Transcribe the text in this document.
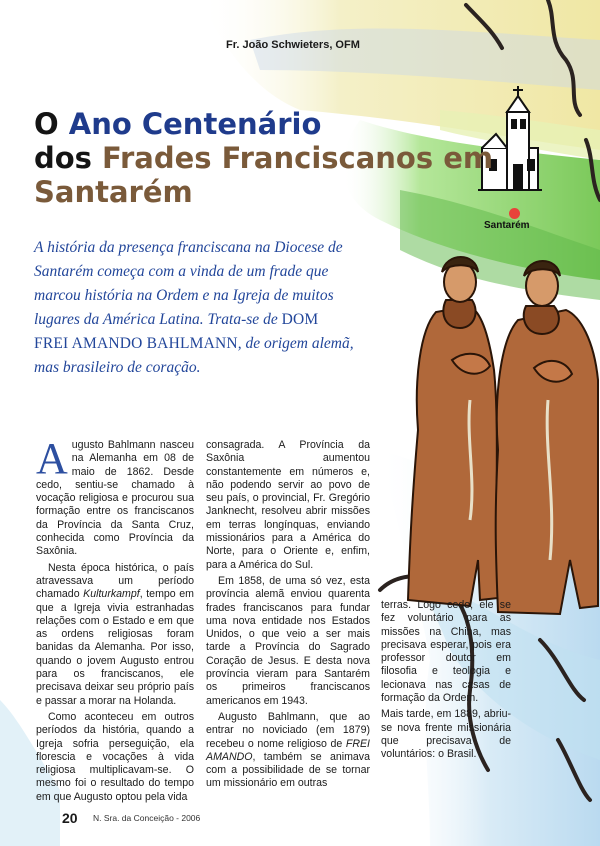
Fr. João Schwieters, OFM
O Ano Centenário
dos Frades Franciscanos em
Santarém
Santarém
A história da presença franciscana na Diocese de Santarém começa com a vinda de um frade que marcou história na Ordem e na Igreja de muitos lugares da América Latina. Trata-se de DOM FREI AMANDO BAHLMANN, de origem alemã, mas brasileiro de coração.

Augusto Bahlmann nasceu na Alemanha em 08 de maio de 1862. Desde cedo, sentiu-se chamado à vocação religiosa e procurou sua formação entre os franciscanos da Província da Santa Cruz, conhecida como Província da Saxônia.

Nesta época histórica, o país atravessava um período chamado Kulturkampf, tempo em que a Igreja vivia estranhadas relações com o Estado e em que as ordens religiosas foram banidas da Alemanha. Por isso, quando o jovem Augusto entrou para os franciscanos, ele precisava deixar seu próprio país e passar a morar na Holanda.

Como aconteceu em outros períodos da história, quando a Igreja sofria perseguição, ela florescia e vocações à vida religiosa multiplicavam-se. O mesmo foi o resultado do tempo em que Augusto optou pela vida

consagrada. A Província da Saxônia aumentou constantemente em números e, não podendo servir ao povo de seu país, o provincial, Fr. Gregório Janknecht, resolveu abrir missões em terras longínquas, enviando missionários para a América do Norte, para o Oriente e, enfim, para a América do Sul.

Em 1858, de uma só vez, esta província alemã enviou quarenta frades franciscanos para fundar uma nova entidade nos Estados Unidos, o que veio a ser mais tarde a Província do Sagrado Coração de Jesus. E desta nova província vieram para Santarém os primeiros franciscanos americanos em 1943.

Augusto Bahlmann, que ao entrar no noviciado (em 1879) recebeu o nome religioso de FREI AMANDO, também se animava com a possibilidade de se tornar um missionário em outras

terras. Logo cedo, ele se fez voluntário para as missões na China, mas precisava esperar, pois era professor doutor em filosofia e teologia e lecionava nas casas de formação da Ordem.

Mais tarde, em 1889, abriu-se nova frente missionária que precisava de voluntários: o Brasil.

20 N. Sra. da Conceição - 2006
